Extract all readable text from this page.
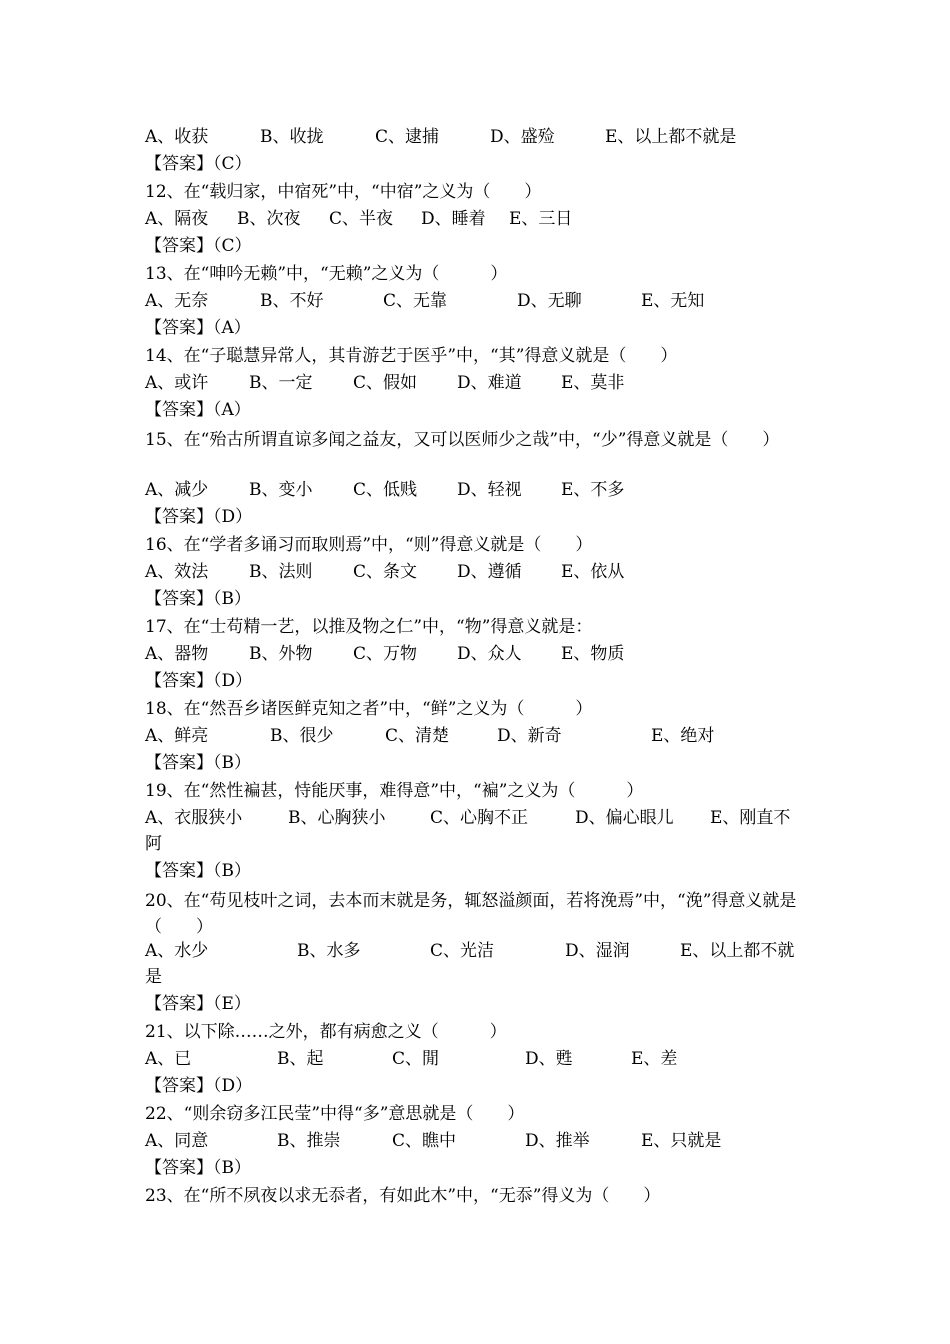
A、收获	B、收拢	C、逮捕	D、盛殓	E、以上都不就是
【答案】（C）
12、在“载归家，中宿死”中，“中宿”之义为（　　）
A、隔夜 B、次夜 C、半夜 D、睡着 E、三日
【答案】（C）
13、在“呻吟无赖”中，“无赖”之义为（　　　）
A、无奈	B、不好	C、无靠	D、无聊	E、无知
【答案】（A）
14、在“子聪慧异常人，其肯游艺于医乎”中，“其”得意义就是（　　）
A、或许 B、一定 C、假如 D、难道 E、莫非
【答案】（A）
15、在“殆古所谓直谅多闻之益友，又可以医师少之哉”中，“少”得意义就是（　　）
A、减少 B、变小 C、低贱 D、轻视 E、不多
【答案】（D）
16、在“学者多诵习而取则焉”中，“则”得意义就是（　　）
A、效法 B、法则 C、条文 D、遵循 E、依从
【答案】（B）
17、在“士苟精一艺，以推及物之仁”中，“物”得意义就是：
A、器物 B、外物 C、万物 D、众人 E、物质
【答案】（D）
18、在“然吾乡诸医鲜克知之者”中，“鲜”之义为（　　　）
A、鲜亮	B、很少	C、清楚	D、新奇	E、绝对
【答案】（B）
19、在“然性褊甚，恃能厌事，难得意”中，“褊”之义为（　　　）
A、衣服狭小	B、心胸狭小	C、心胸不正	D、偏心眼儿 E、刚直不
阿
【答案】（B）
20、在“苟见枝叶之词，去本而末就是务，辄怒溢颜面，若将浼焉”中，“浼”得意义就是（　　）
A、水少	B、水多	C、光洁	D、湿润	E、以上都不就
是
【答案】（E）
21、以下除……之外，都有病愈之义（　　　）
A、已	B、起	C、閒	D、甦	E、差
【答案】（D）
22、“则余窃多江民莹”中得“多”意思就是（　　）
A、同意	B、推崇	C、瞧中	D、推举	E、只就是
【答案】（B）
23、在“所不夙夜以求无忝者，有如此木”中，“无忝”得义为（　　）
